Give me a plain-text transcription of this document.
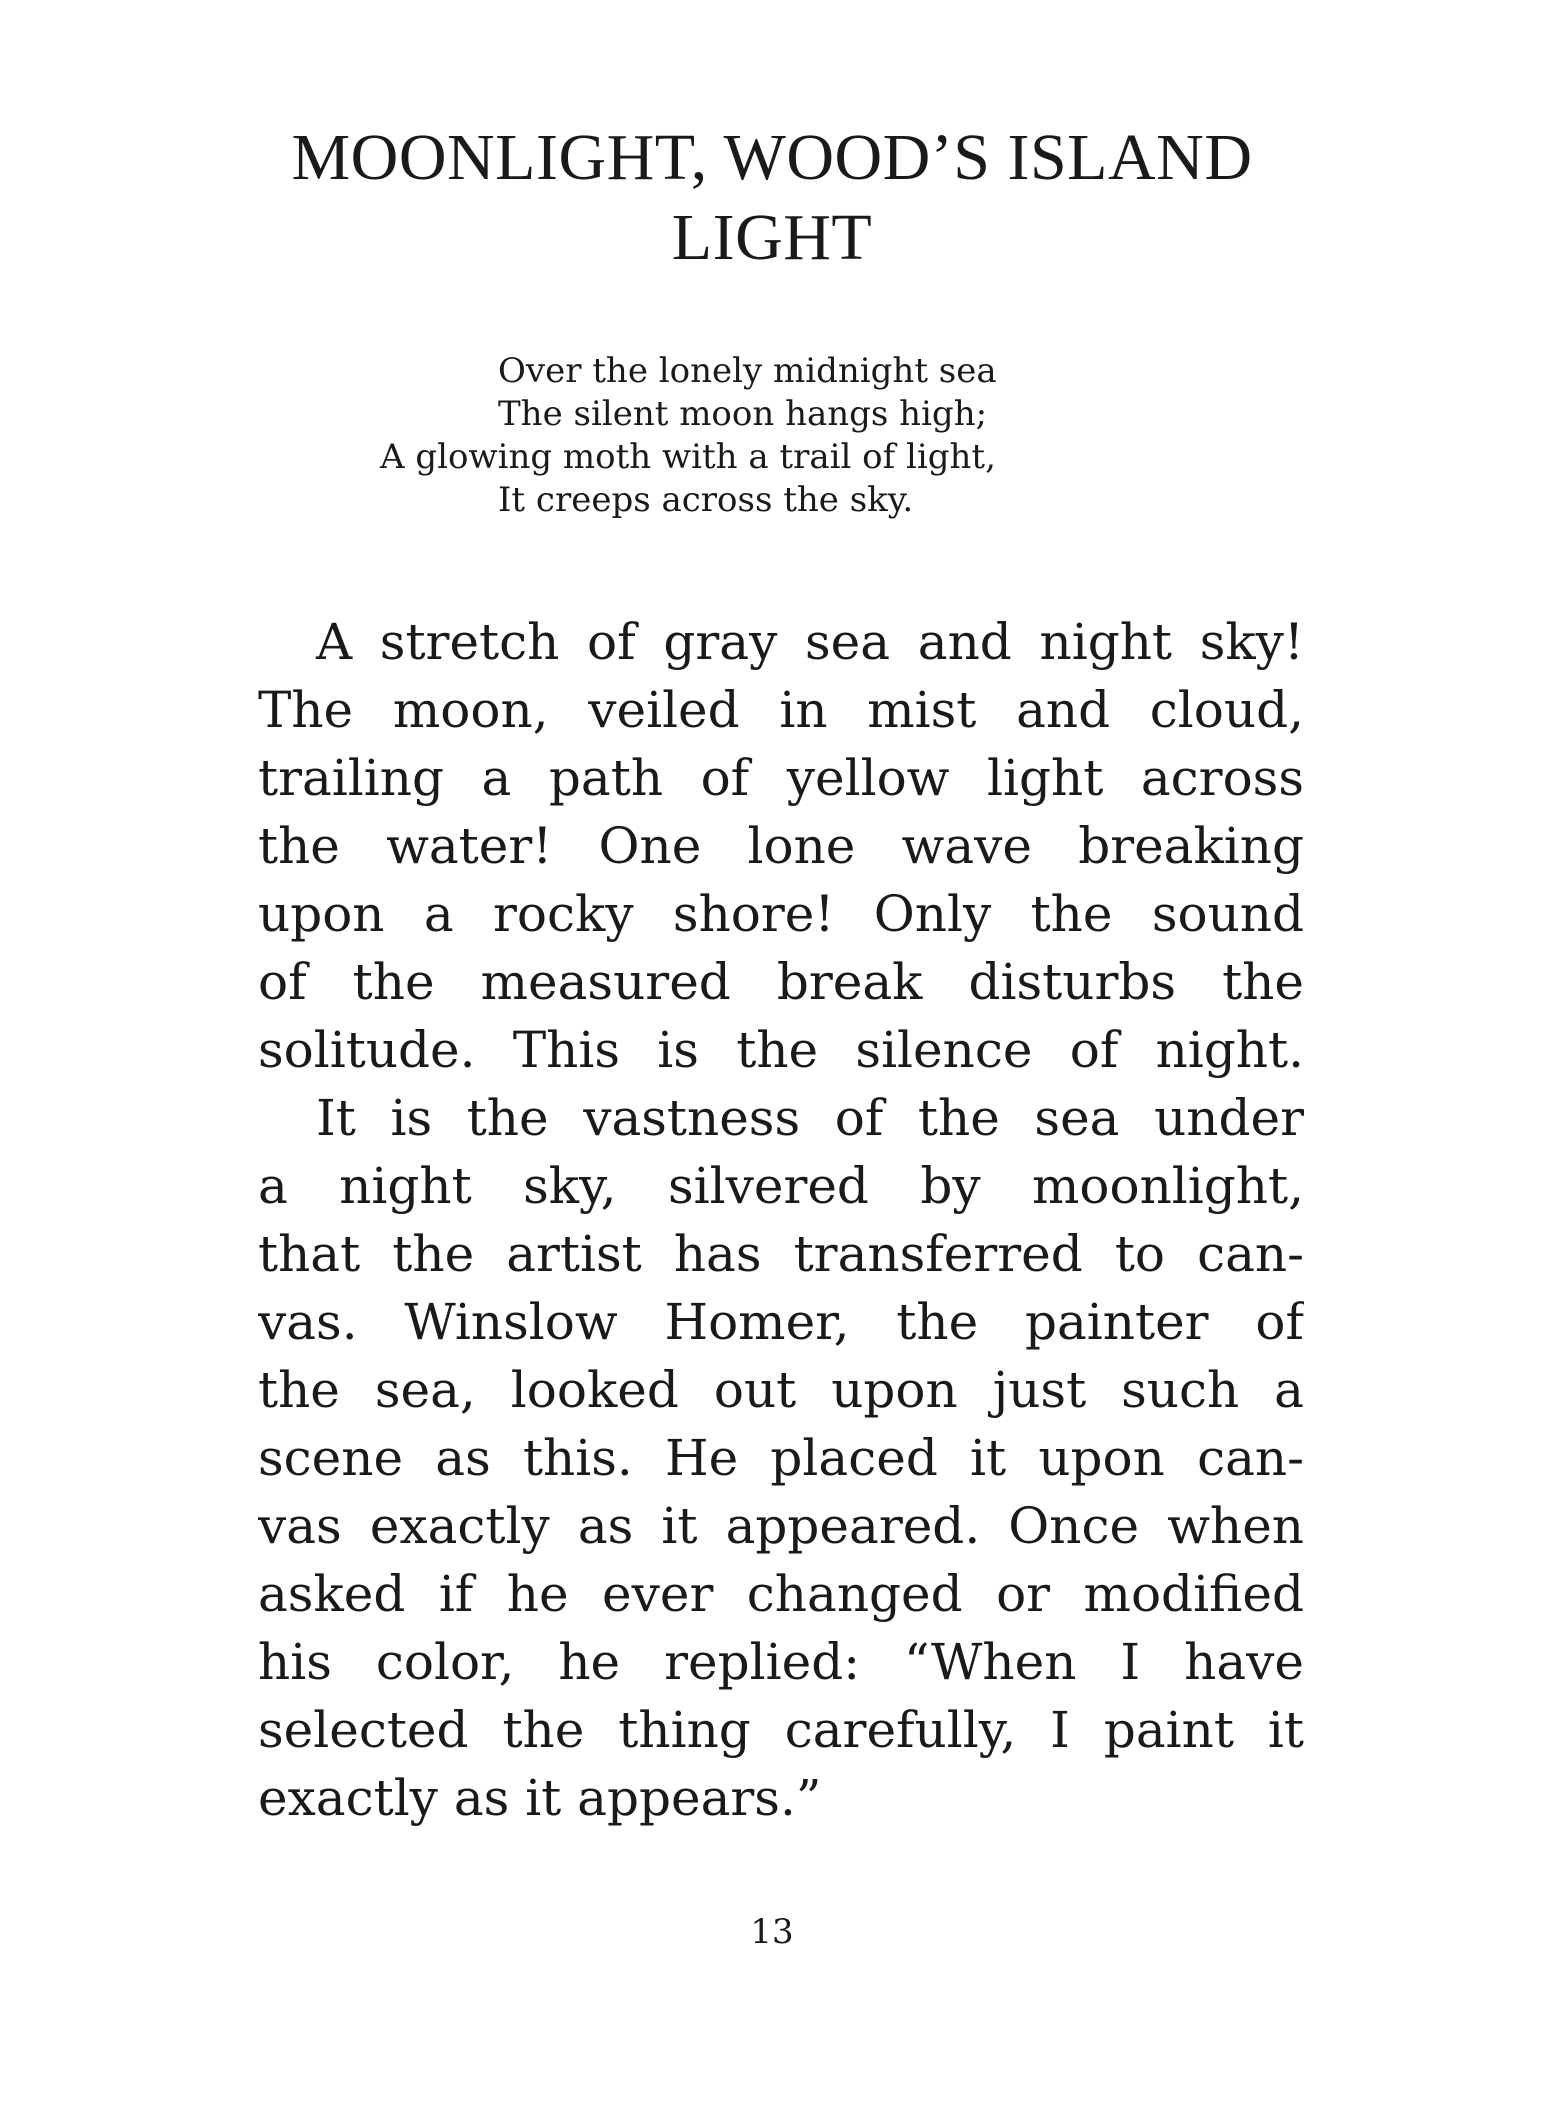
MOONLIGHT, WOOD’S ISLAND
LIGHT
Over the lonely midnight sea
The silent moon hangs high;
A glowing moth with a trail of light,
It creeps across the sky.
A stretch of gray sea and night sky!
The moon, veiled in mist and cloud,
trailing a path of yellow light across
the water! One lone wave breaking
upon a rocky shore! Only the sound
of the measured break disturbs the
solitude. This is the silence of night.
It is the vastness of the sea under
a night sky, silvered by moonlight,
that the artist has transferred to can-
vas. Winslow Homer, the painter of
the sea, looked out upon just such a
scene as this. He placed it upon can-
vas exactly as it appeared. Once when
asked if he ever changed or modified
his color, he replied: “When I have
selected the thing carefully, I paint it
exactly as it appears.”
13
